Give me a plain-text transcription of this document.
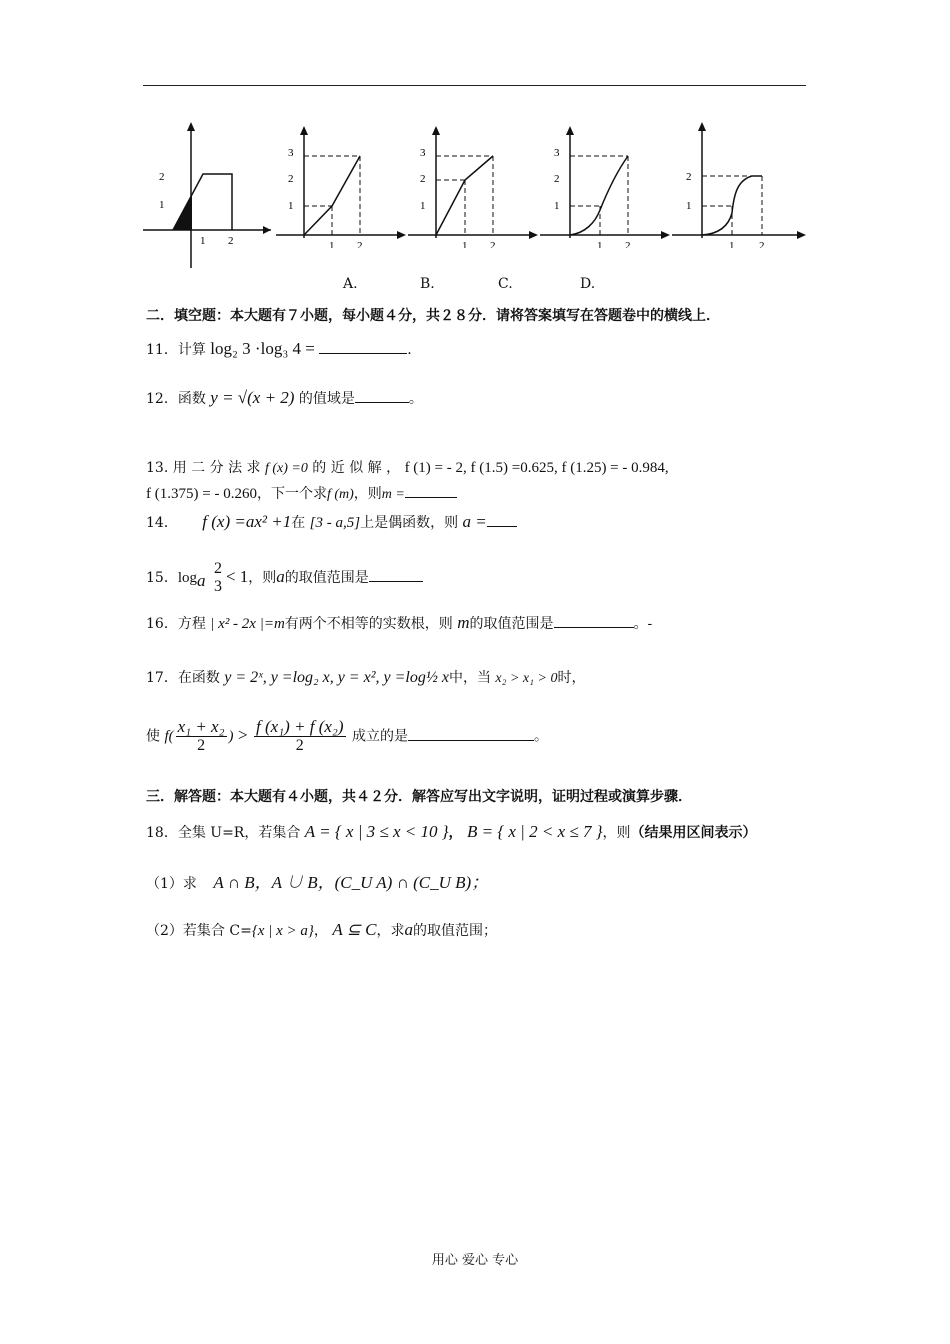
2
1
1 2
3
2
1
1 2
3
2
1
1 2
3
2
1
1 2
2
1
1 2
A.	B.	C.	D.
二．填空题：本大题有７小题，每小题４分，共２８分．请将答案填写在答题卷中的横线上．
11．计算 log₂ 3 ·log₃ 4 =	.
12．函数 y = √(x + 2) 的值域是	。
13. 用 二 分 法 求 f (x) =0 的 近 似 解 ， f (1) = - 2, f (1.5) =0.625, f (1.25) = - 0.984,
f (1.375) = - 0.260，下一个求f (m)，则m =
14． f (x) =ax² +1在 [3 - a,5]上是偶函数，则 a =
15．$\log_a$
2
3
< 1，则a的取值范围是
16．方程 | x² - 2x |=m有两个不相等的实数根，则 m的取值范围是	。-
17．在函数 y = 2ˣ, y =log₂ x, y = x², y =log½ x中，当 x₂ > x₁ > 0时，
使 $f( \frac{\text{x₁ + x₂}}{2}$ ) > $\frac{\text{f (x₁) + f (x₂)}}{2}$ 成立的是	。
三．解答题：本大题有４小题，共４２分．解答应写出文字说明，证明过程或演算步骤．
18．全集 U=R，若集合 A = { x | 3 ≤ x < 10 }， B = { x | 2 < x ≤ 7 }，则（结果用区间表示）
（1）求 A ∩ B，A ∪ B，(C_U A) ∩ (C_U B)；
（2）若集合 C={x | x > a}， A ⊆ C，求a的取值范围；
用心 爱心 专心
